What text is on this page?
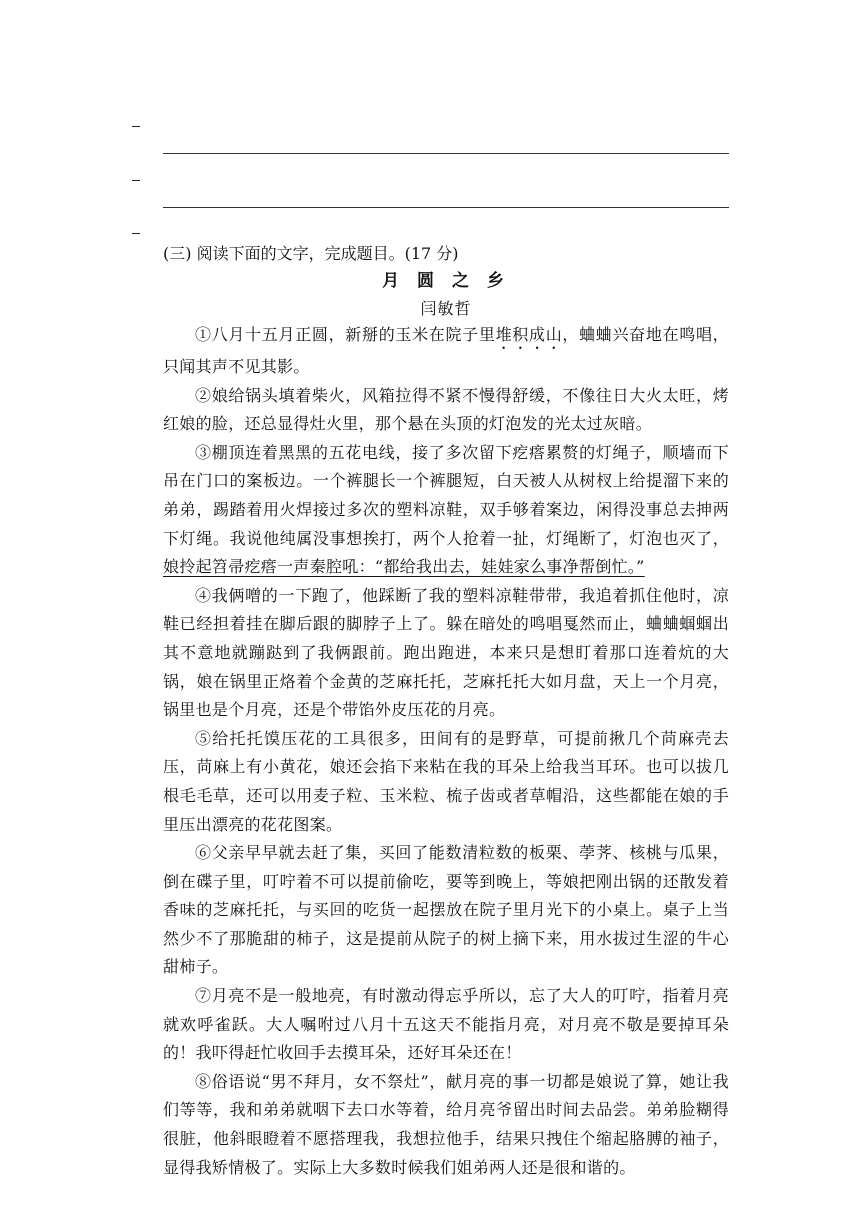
(三) 阅读下面的文字，完成题目。(17 分)
月 圆 之 乡
闫敏哲

①八月十五月正圆，新掰的玉米在院子里堆积成山，蛐蛐兴奋地在鸣唱，只闻其声不见其影。

②娘给锅头填着柴火，风箱拉得不紧不慢得舒缓，不像往日大火太旺，烤红娘的脸，还总显得灶火里，那个悬在头顶的灯泡发的光太过灰暗。

③棚顶连着黑黑的五花电线，接了多次留下疙瘩累赘的灯绳子，顺墙而下吊在门口的案板边。一个裤腿长一个裤腿短，白天被人从树杈上给提溜下来的弟弟，踢踏着用火焊接过多次的塑料凉鞋，双手够着案边，闲得没事总去抻两下灯绳。我说他纯属没事想挨打，两个人抢着一扯，灯绳断了，灯泡也灭了，娘拎起笤帚疙瘩一声秦腔吼：“都给我出去，娃娃家么事净帮倒忙。”

④我俩噌的一下跑了，他踩断了我的塑料凉鞋带带，我追着抓住他时，凉鞋已经担着挂在脚后跟的脚脖子上了。躲在暗处的鸣唱戛然而止，蛐蛐蝈蝈出其不意地就蹦跶到了我俩跟前。跑出跑进，本来只是想盯着那口连着炕的大锅，娘在锅里正烙着个金黄的芝麻托托，芝麻托托大如月盘，天上一个月亮，锅里也是个月亮，还是个带馅外皮压花的月亮。

⑤给托托馍压花的工具很多，田间有的是野草，可提前揪几个苘麻壳去压，苘麻上有小黄花，娘还会掐下来粘在我的耳朵上给我当耳环。也可以拔几根毛毛草，还可以用麦子粒、玉米粒、梳子齿或者草帽沿，这些都能在娘的手里压出漂亮的花花图案。

⑥父亲早早就去赶了集，买回了能数清粒数的板栗、荸荠、核桃与瓜果，倒在碟子里，叮咛着不可以提前偷吃，要等到晚上，等娘把刚出锅的还散发着香味的芝麻托托，与买回的吃货一起摆放在院子里月光下的小桌上。桌子上当然少不了那脆甜的柿子，这是提前从院子的树上摘下来，用水拔过生涩的牛心甜柿子。

⑦月亮不是一般地亮，有时激动得忘乎所以，忘了大人的叮咛，指着月亮就欢呼雀跃。大人嘱咐过八月十五这天不能指月亮，对月亮不敬是要掉耳朵的！我吓得赶忙收回手去摸耳朵，还好耳朵还在！

⑧俗语说“男不拜月，女不祭灶”，献月亮的事一切都是娘说了算，她让我们等等，我和弟弟就咽下去口水等着，给月亮爷留出时间去品尝。弟弟脸糊得很脏，他斜眼瞪着不愿搭理我，我想拉他手，结果只拽住个缩起胳膊的袖子，显得我矫情极了。实际上大多数时候我们姐弟两人还是很和谐的。
